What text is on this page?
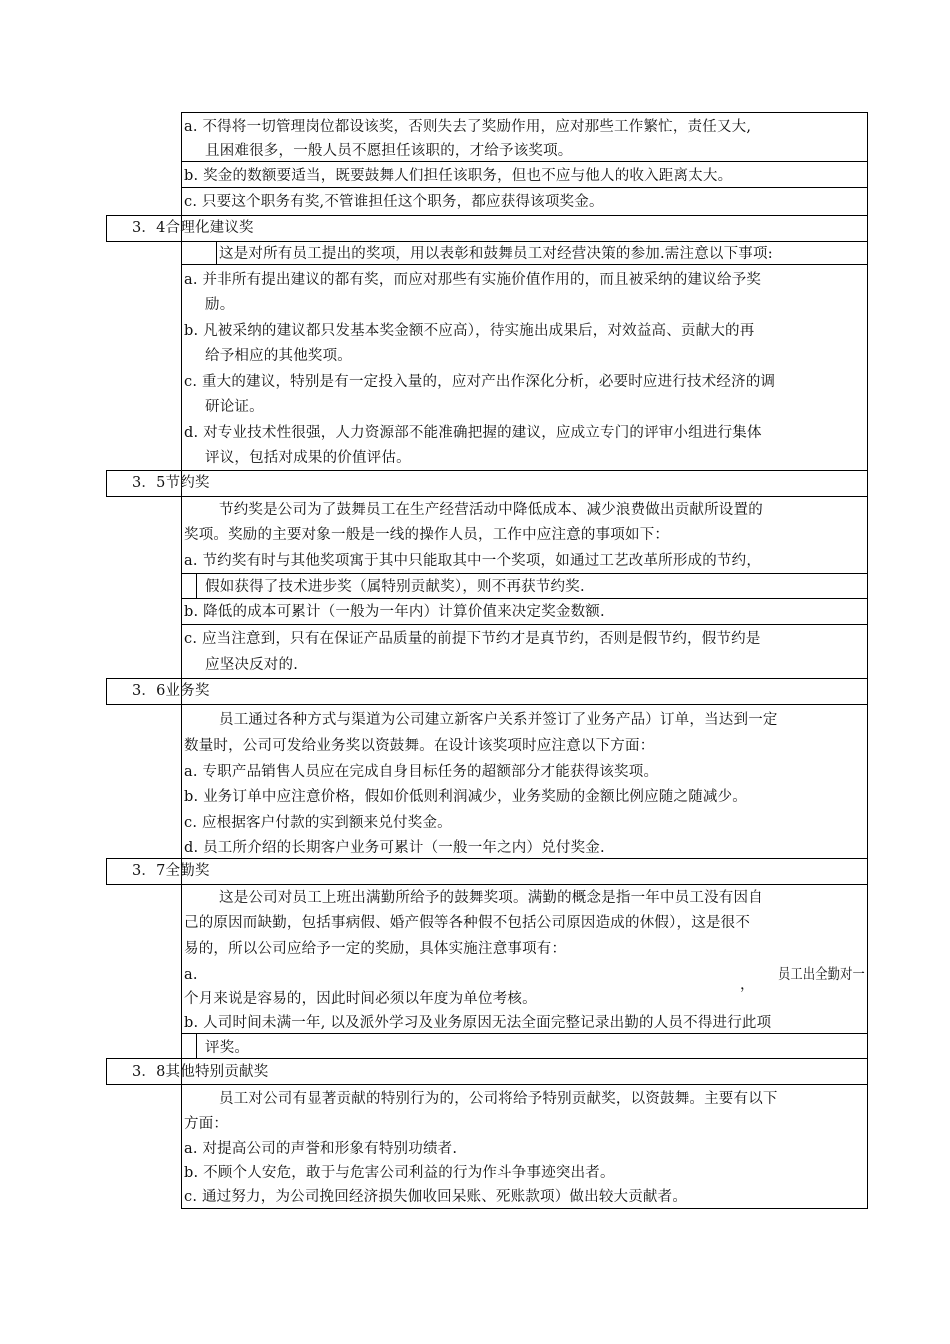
a. 不得将一切管理岗位都设该奖，否则失去了奖励作用，应对那些工作繁忙，责任又大,
且困难很多，一般人员不愿担任该职的，才给予该奖项。
b. 奖金的数额要适当，既要鼓舞人们担任该职务，但也不应与他人的收入距离太大。
c. 只要这个职务有奖,不管谁担任这个职务，都应获得该项奖金。
3．4合理化建议奖
这是对所有员工提出的奖项，用以表彰和鼓舞员工对经营决策的参加.需注意以下事项:
a. 并非所有提出建议的都有奖，而应对那些有实施价值作用的，而且被采纳的建议给予奖
励。
b. 凡被采纳的建议都只发基本奖金额不应高），待实施出成果后，对效益高、贡献大的再
给予相应的其他奖项。
c. 重大的建议，特别是有一定投入量的，应对产出作深化分析，必要时应进行技术经济的调
研论证。
d. 对专业技术性很强，人力资源部不能准确把握的建议，应成立专门的评审小组进行集体
评议，包括对成果的价值评估。
3．5节约奖
节约奖是公司为了鼓舞员工在生产经营活动中降低成本、减少浪费做出贡献所设置的
奖项。奖励的主要对象一般是一线的操作人员，工作中应注意的事项如下：
a. 节约奖有时与其他奖项寓于其中只能取其中一个奖项，如通过工艺改革所形成的节约，
假如获得了技术进步奖（属特别贡献奖），则不再获节约奖.
b. 降低的成本可累计（一般为一年内）计算价值来决定奖金数额.
c. 应当注意到，只有在保证产品质量的前提下节约才是真节约，否则是假节约，假节约是
应坚决反对的.
3．6业务奖
员工通过各种方式与渠道为公司建立新客户关系并签订了业务产品）订单，当达到一定
数量时，公司可发给业务奖以资鼓舞。在设计该奖项时应注意以下方面：
a. 专职产品销售人员应在完成自身目标任务的超额部分才能获得该奖项。
b. 业务订单中应注意价格，假如价低则利润减少，业务奖励的金额比例应随之随减少。
c. 应根据客户付款的实到额来兑付奖金。
d. 员工所介绍的长期客户业务可累计（一般一年之内）兑付奖金.
3．7全勤奖
这是公司对员工上班出满勤所给予的鼓舞奖项。满勤的概念是指一年中员工没有因自
己的原因而缺勤，包括事病假、婚产假等各种假不包括公司原因造成的休假），这是很不
易的，所以公司应给予一定的奖励，具体实施注意事项有：
a.	员工出全勤对一
，
个月来说是容易的，因此时间必须以年度为单位考核。
b. 人司时间未满一年, 以及派外学习及业务原因无法全面完整记录出勤的人员不得进行此项
评奖。
3．8其他特别贡献奖
员工对公司有显著贡献的特别行为的，公司将给予特别贡献奖，以资鼓舞。主要有以下
方面：
a. 对提高公司的声誉和形象有特别功绩者.
b. 不顾个人安危，敢于与危害公司利益的行为作斗争事迹突出者。
c. 通过努力，为公司挽回经济损失伽收回呆账、死账款项）做出较大贡献者。
